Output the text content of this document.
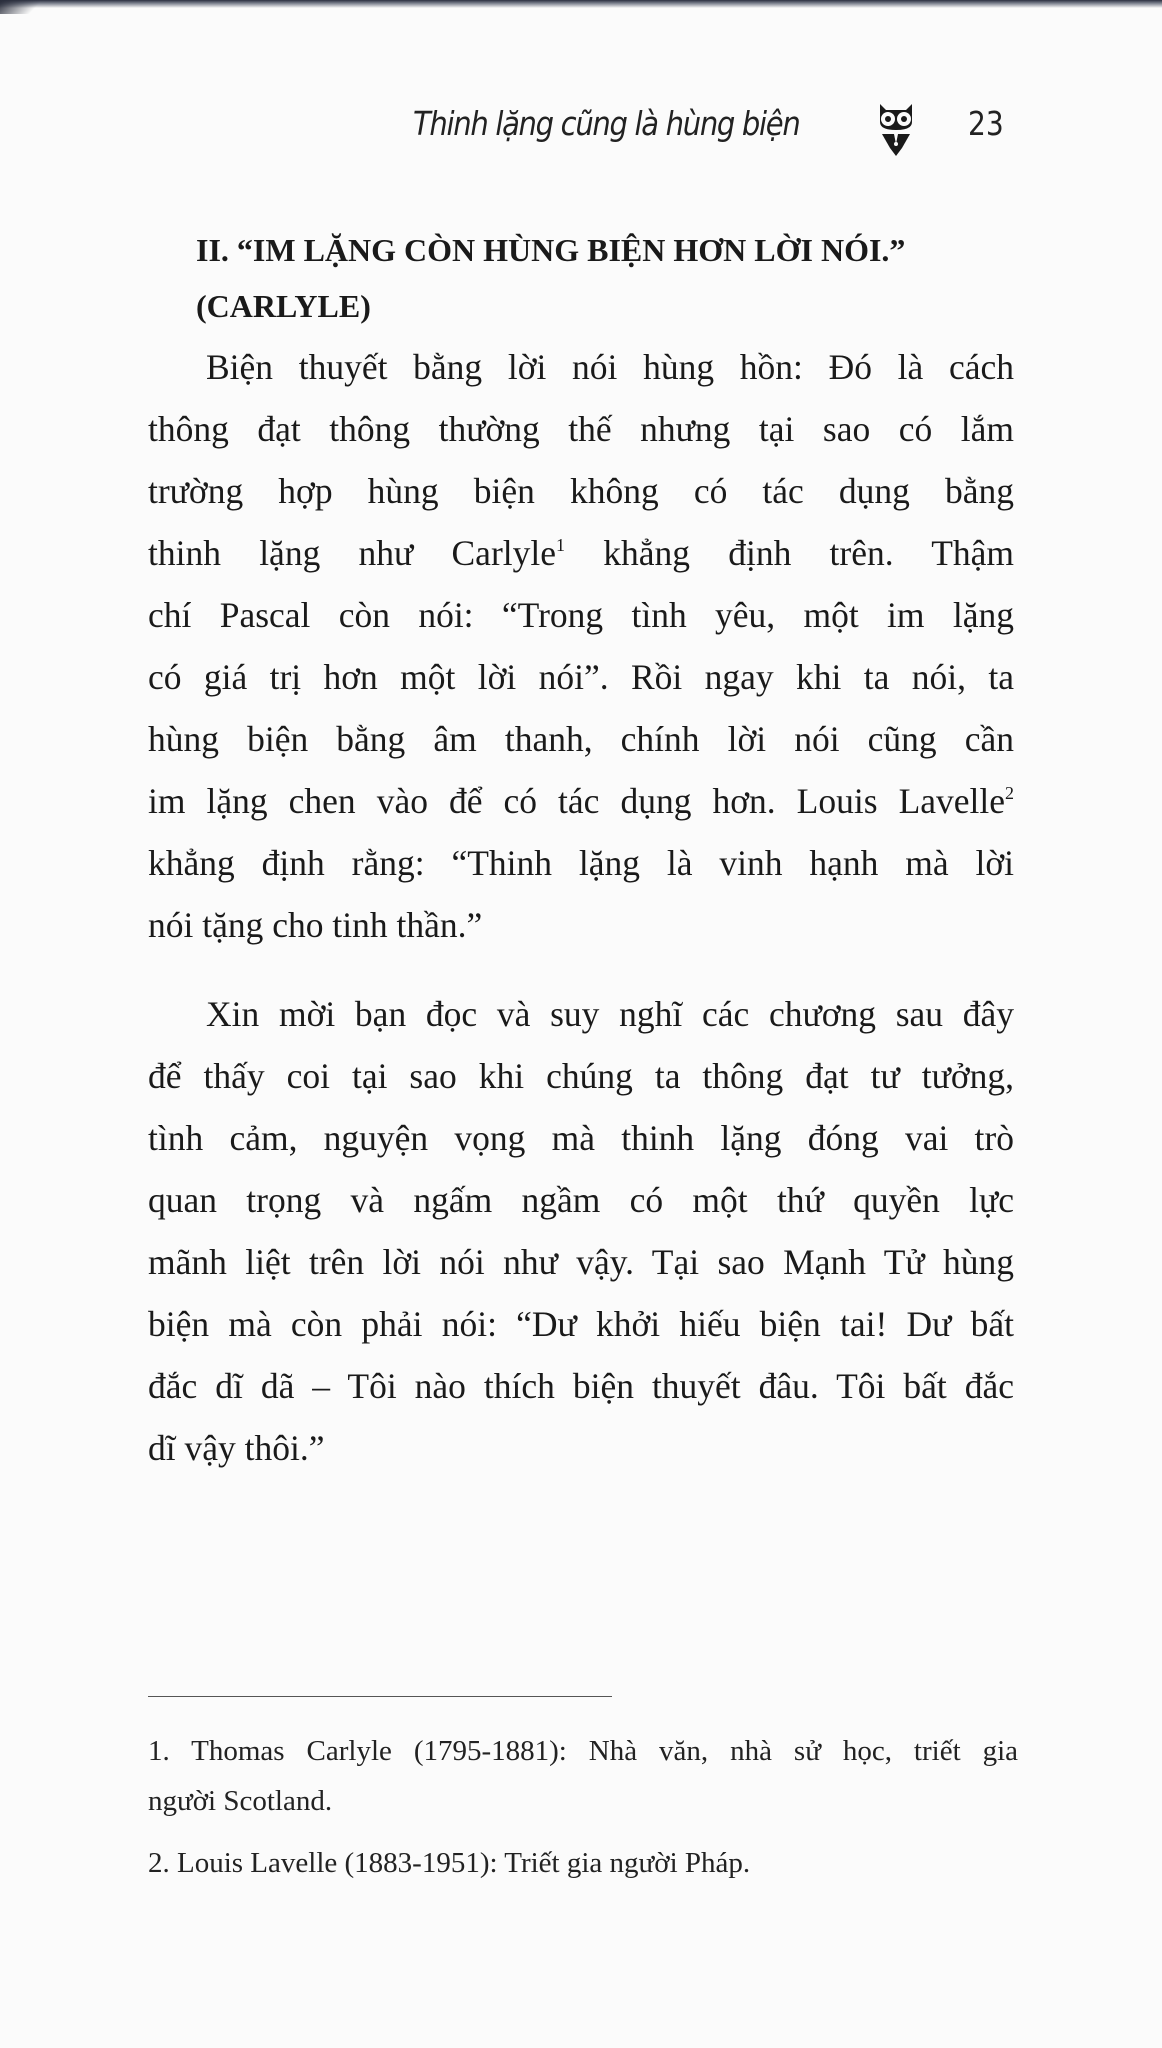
Thinh lặng cũng là hùng biện	23
II. “IM LẶNG CÒN HÙNG BIỆN HƠN LỜI NÓI.”
(CARLYLE)
Biện thuyết bằng lời nói hùng hồn: Đó là cách
thông đạt thông thường thế nhưng tại sao có lắm
trường hợp hùng biện không có tác dụng bằng
thinh lặng như Carlyle$^1$ khẳng định trên. Thậm
chí Pascal còn nói: “Trong tình yêu, một im lặng
có giá trị hơn một lời nói”. Rồi ngay khi ta nói, ta
hùng biện bằng âm thanh, chính lời nói cũng cần
im lặng chen vào để có tác dụng hơn. Louis Lavelle$^2$
khẳng định rằng: “Thinh lặng là vinh hạnh mà lời
nói tặng cho tinh thần.”
Xin mời bạn đọc và suy nghĩ các chương sau đây
để thấy coi tại sao khi chúng ta thông đạt tư tưởng,
tình cảm, nguyện vọng mà thinh lặng đóng vai trò
quan trọng và ngấm ngầm có một thứ quyền lực
mãnh liệt trên lời nói như vậy. Tại sao Mạnh Tử hùng
biện mà còn phải nói: “Dư khởi hiếu biện tai! Dư bất
đắc dĩ dã – Tôi nào thích biện thuyết đâu. Tôi bất đắc
dĩ vậy thôi.”
1. Thomas Carlyle (1795-1881): Nhà văn, nhà sử học, triết gia
người Scotland.
2. Louis Lavelle (1883-1951): Triết gia người Pháp.
